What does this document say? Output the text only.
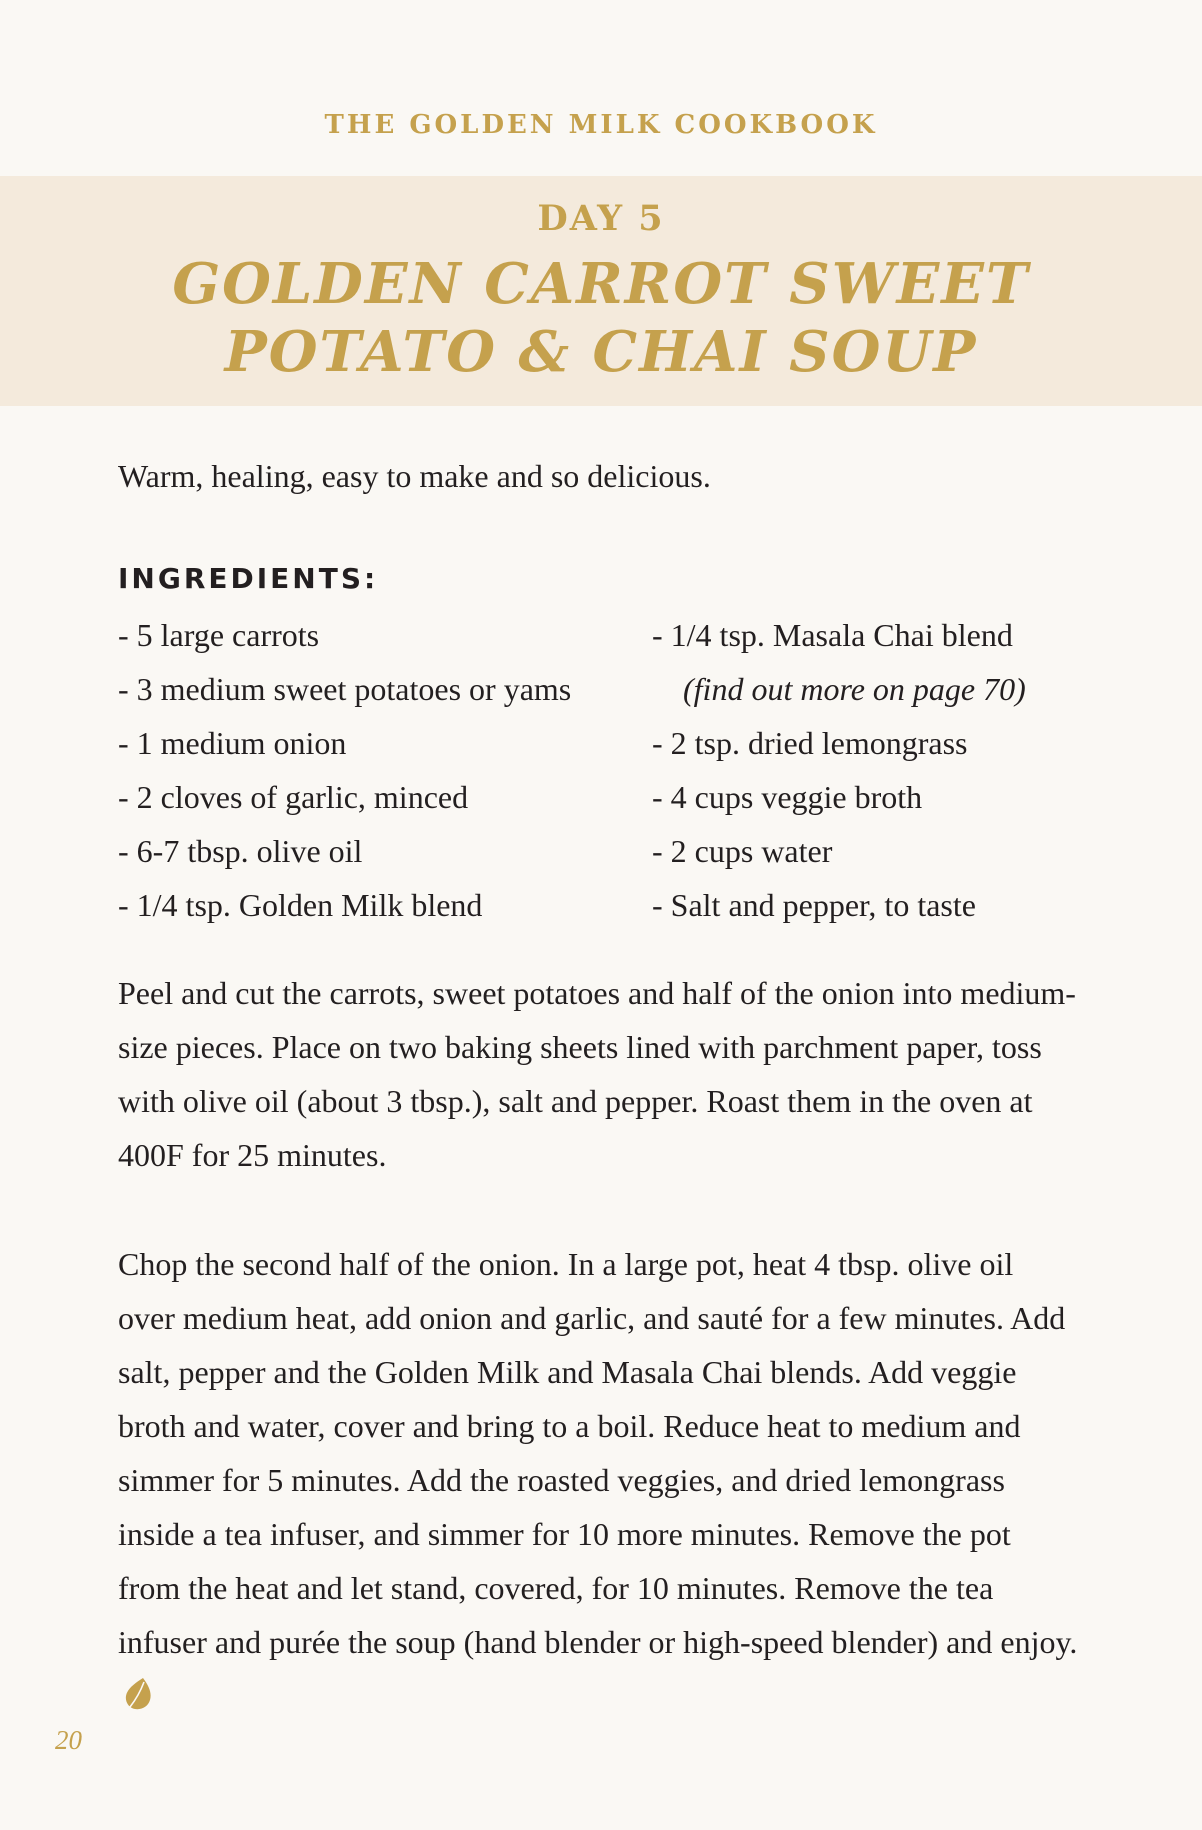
THE GOLDEN MILK COOKBOOK
DAY 5
GOLDEN CARROT SWEET
POTATO & CHAI SOUP
Warm, healing, easy to make and so delicious.
INGREDIENTS:
- 5 large carrots
- 3 medium sweet potatoes or yams
- 1 medium onion
- 2 cloves of garlic, minced
- 6-7 tbsp. olive oil
- 1/4 tsp. Golden Milk blend
- 1/4 tsp. Masala Chai blend
(find out more on page 70)
- 2 tsp. dried lemongrass
- 4 cups veggie broth
- 2 cups water
- Salt and pepper, to taste

Peel and cut the carrots, sweet potatoes and half of the onion into medium-size pieces. Place on two baking sheets lined with parchment paper, toss with olive oil (about 3 tbsp.), salt and pepper. Roast them in the oven at 400F for 25 minutes.

Chop the second half of the onion. In a large pot, heat 4 tbsp. olive oil over medium heat, add onion and garlic, and sauté for a few minutes. Add salt, pepper and the Golden Milk and Masala Chai blends. Add veggie broth and water, cover and bring to a boil. Reduce heat to medium and simmer for 5 minutes. Add the roasted veggies, and dried lemongrass inside a tea infuser, and simmer for 10 more minutes. Remove the pot from the heat and let stand, covered, for 10 minutes. Remove the tea infuser and purée the soup (hand blender or high-speed blender) and enjoy.

20
